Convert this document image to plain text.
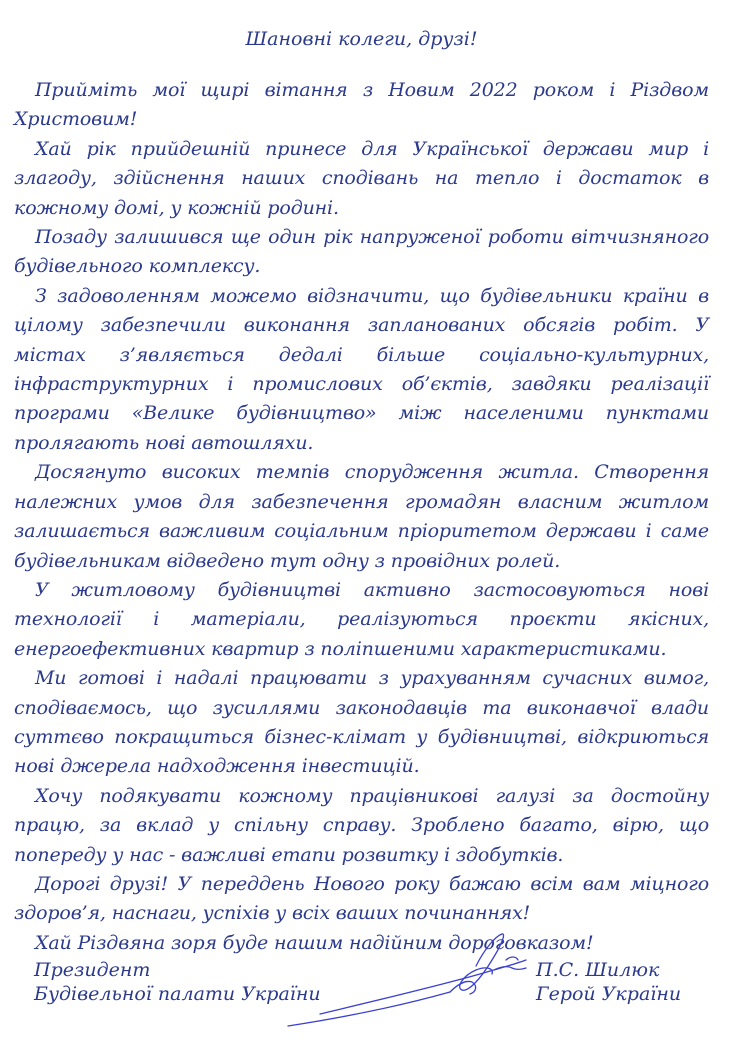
Шановні колеги, друзі!

Прийміть мої щирі вітання з Новим 2022 роком і Різдвом Христовим!

Хай рік прийдешній принесе для Української держави мир і злагоду, здійснення наших сподівань на тепло і достаток в кожному домі, у кожній родині.

Позаду залишився ще один рік напруженої роботи вітчизняного будівельного комплексу.

З задоволенням можемо відзначити, що будівельники країни в цілому забезпечили виконання запланованих обсягів робіт. У містах з’являється дедалі більше соціально-культурних, інфраструктурних і промислових об’єктів, завдяки реалізації програми «Велике будівництво» між населеними пунктами пролягають нові автошляхи.

Досягнуто високих темпів спорудження житла. Створення належних умов для забезпечення громадян власним житлом залишається важливим соціальним пріоритетом держави і саме будівельникам відведено тут одну з провідних ролей.

У житловому будівництві активно застосовуються нові технології і матеріали, реалізуються проєкти якісних, енергоефективних квартир з поліпшеними характеристиками.

Ми готові і надалі працювати з урахуванням сучасних вимог, сподіваємось, що зусиллями законодавців та виконавчої влади суттєво покращиться бізнес-клімат у будівництві, відкриються нові джерела надходження інвестицій.

Хочу подякувати кожному працівникові галузі за достойну працю, за вклад у спільну справу. Зроблено багато, вірю, що попереду у нас - важливі етапи розвитку і здобутків.

Дорогі друзі! У переддень Нового року бажаю всім вам міцного здоров’я, наснаги, успіхів у всіх ваших починаннях!

Хай Різдвяна зоря буде нашим надійним дороговказом!

Президент
Будівельної палати України

П.С. Шилюк
Герой України
